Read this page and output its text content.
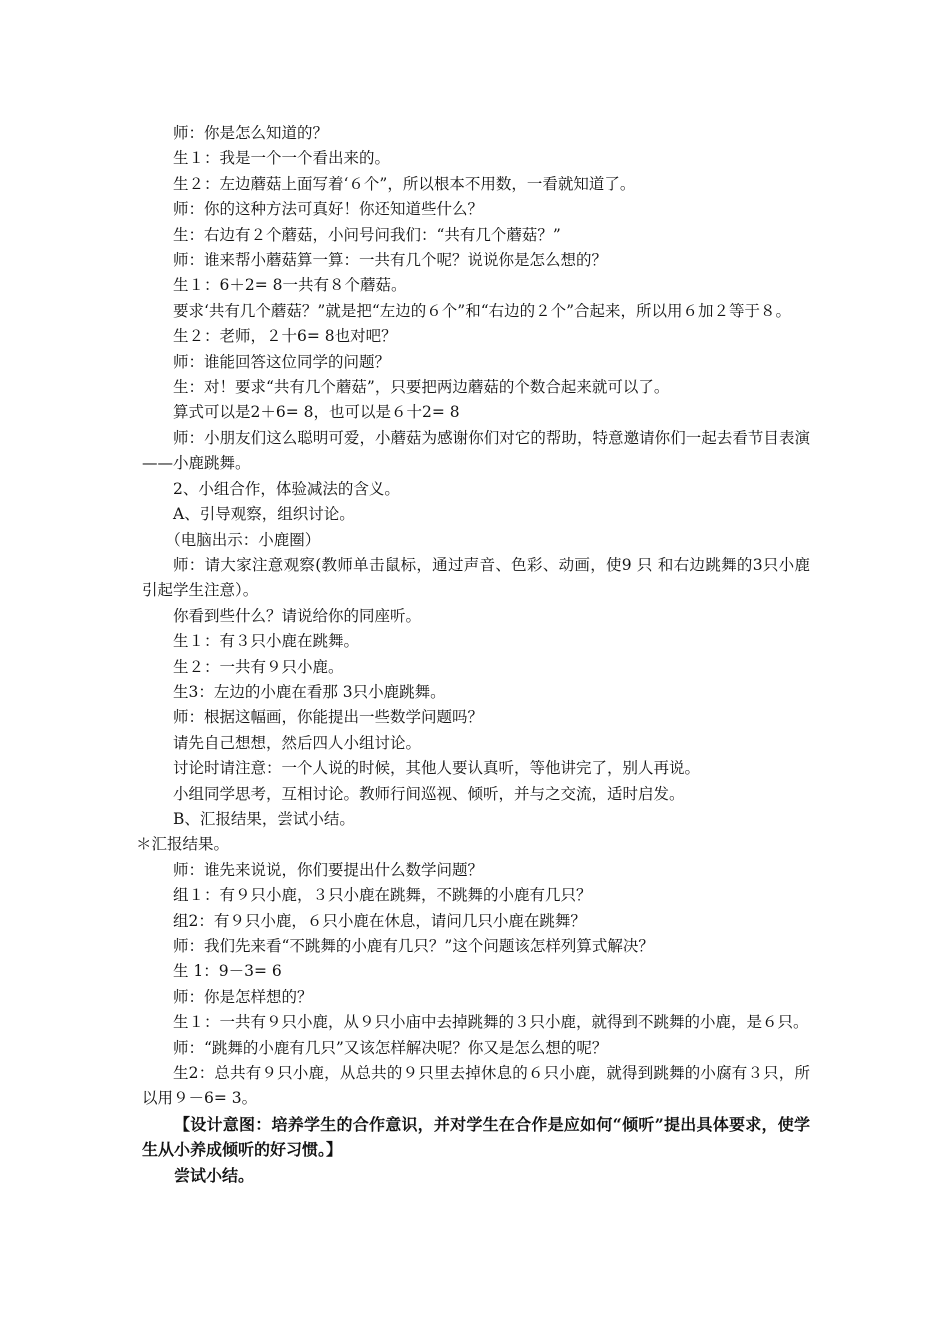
师：你是怎么知道的？

生１：我是一个一个看出来的。

生２：左边蘑菇上面写着‘６个”，所以根本不用数，一看就知道了。

师：你的这种方法可真好！你还知道些什么？

生：右边有２个蘑菇，小问号问我们：“共有几个蘑菇？”

师：谁来帮小蘑菇算一算：一共有几个呢？说说你是怎么想的？

生１：6＋2= 8一共有８个蘑菇。

要求‘共有几个蘑菇？”就是把“左边的６个”和“右边的２个”合起来，所以用６加２等于８。

生２：老师，２十6= 8也对吧？

师：谁能回答这位同学的问题？

生：对！要求“共有几个蘑菇”，只要把两边蘑菇的个数合起来就可以了。

算式可以是2＋6= 8，也可以是６十2= 8

师：小朋友们这么聪明可爱，小蘑菇为感谢你们对它的帮助，特意邀请你们一起去看节目表演——小鹿跳舞。

2、小组合作，体验减法的含义。

A、引导观察，组织讨论。

（电脑出示：小鹿圈）

师：请大家注意观察(教师单击鼠标，通过声音、色彩、动画，使9 只 和右边跳舞的3只小鹿引起学生注意）。

你看到些什么？请说给你的同座听。

生１：有３只小鹿在跳舞。

生２：一共有９只小鹿。

生3：左边的小鹿在看那 3只小鹿跳舞。

师：根据这幅画，你能提出一些数学问题吗？

请先自己想想，然后四人小组讨论。

讨论时请注意：一个人说的时候，其他人要认真听，等他讲完了，别人再说。

小组同学思考，互相讨论。教师行间巡视、倾听，并与之交流，适时启发。

B、汇报结果，尝试小结。

＊汇报结果。

师：谁先来说说，你们要提出什么数学问题？

组１：有９只小鹿，３只小鹿在跳舞，不跳舞的小鹿有几只？

组2：有９只小鹿，６只小鹿在休息，请问几只小鹿在跳舞？

师：我们先来看“不跳舞的小鹿有几只？”这个问题该怎样列算式解决？

生 1：9－3= 6

师：你是怎样想的？

生１：一共有９只小鹿，从９只小庙中去掉跳舞的３只小鹿，就得到不跳舞的小鹿，是６只。

师：“跳舞的小鹿有几只”又该怎样解决呢？你又是怎么想的呢？

生2：总共有９只小鹿，从总共的９只里去掉休息的６只小鹿，就得到跳舞的小腐有３只，所以用９－6= 3。

【设计意图：培养学生的合作意识，并对学生在合作是应如何“倾听”提出具体要求，使学生从小养成倾听的好习惯。】

尝试小结。
